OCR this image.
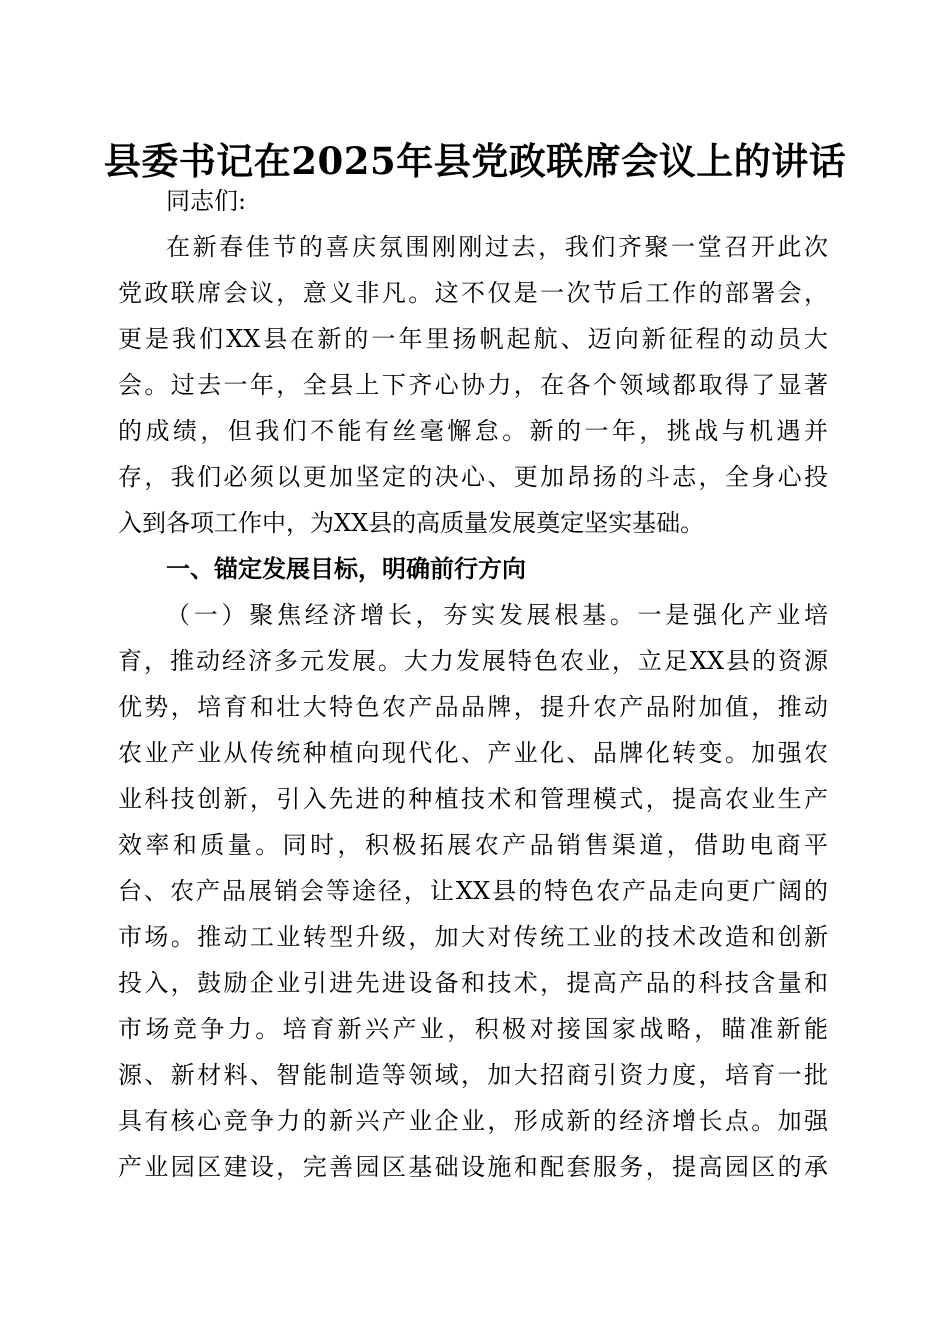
县委书记在2025年县党政联席会议上的讲话
同志们:
在新春佳节的喜庆氛围刚刚过去，我们齐聚一堂召开此次
党政联席会议，意义非凡。这不仅是一次节后工作的部署会，
更是我们XX县在新的一年里扬帆起航、迈向新征程的动员大
会。过去一年，全县上下齐心协力，在各个领域都取得了显著
的成绩，但我们不能有丝毫懈怠。新的一年，挑战与机遇并
存，我们必须以更加坚定的决心、更加昂扬的斗志，全身心投
入到各项工作中，为XX县的高质量发展奠定坚实基础。
一、锚定发展目标，明确前行方向
（一）聚焦经济增长，夯实发展根基。一是强化产业培
育，推动经济多元发展。大力发展特色农业，立足XX县的资源
优势，培育和壮大特色农产品品牌，提升农产品附加值，推动
农业产业从传统种植向现代化、产业化、品牌化转变。加强农
业科技创新，引入先进的种植技术和管理模式，提高农业生产
效率和质量。同时，积极拓展农产品销售渠道，借助电商平
台、农产品展销会等途径，让XX县的特色农产品走向更广阔的
市场。推动工业转型升级，加大对传统工业的技术改造和创新
投入，鼓励企业引进先进设备和技术，提高产品的科技含量和
市场竞争力。培育新兴产业，积极对接国家战略，瞄准新能
源、新材料、智能制造等领域，加大招商引资力度，培育一批
具有核心竞争力的新兴产业企业，形成新的经济增长点。加强
产业园区建设，完善园区基础设施和配套服务，提高园区的承
